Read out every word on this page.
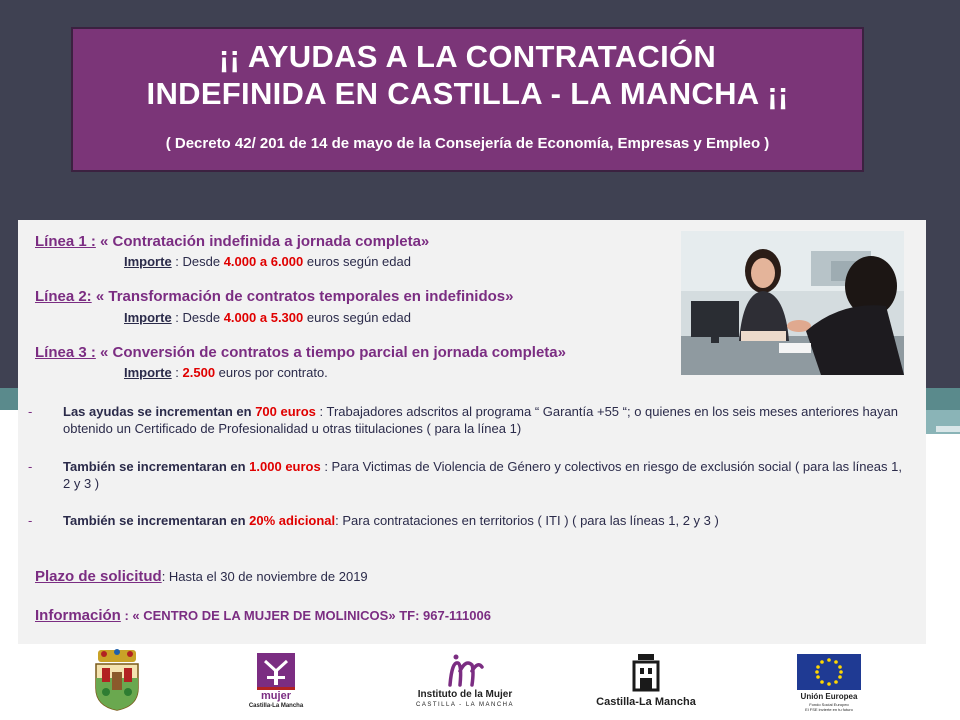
¡¡ AYUDAS A LA CONTRATACIÓN
INDEFINIDA EN CASTILLA - LA MANCHA ¡¡
( Decreto 42/ 201 de 14 de mayo de la Consejería de Economía, Empresas y Empleo )
Línea 1 : « Contratación indefinida a jornada completa»
Importe : Desde 4.000 a 6.000 euros según edad
Línea 2: « Transformación de contratos temporales en indefinidos»
Importe : Desde 4.000 a 5.300 euros según edad
Línea 3 : « Conversión de contratos a tiempo parcial en jornada completa»
Importe : 2.500 euros por contrato.
- Las ayudas se incrementan en 700 euros : Trabajadores adscritos al programa “ Garantía +55 “; o quienes en los seis meses anteriores hayan obtenido un Certificado de Profesionalidad u otras tiitulaciones ( para la línea 1)
- También se incrementaran en 1.000 euros : Para Victimas de Violencia de Género y colectivos en riesgo de exclusión social ( para las líneas 1, 2 y 3 )
- También se incrementaran en 20% adicional: Para contrataciones en territorios ( ITI ) ( para las líneas 1, 2 y 3 )
Plazo de solicitud: Hasta el 30 de noviembre de 2019
Información : « CENTRO DE LA MUJER DE MOLINICOS» TF: 967-111006
mujer
Castilla-La Mancha
Instituto de la Mujer
CASTILLA - LA MANCHA	Castilla-La Mancha	Unión Europea
Fondo Social Europeo
El FSE invierte en tu futuro
